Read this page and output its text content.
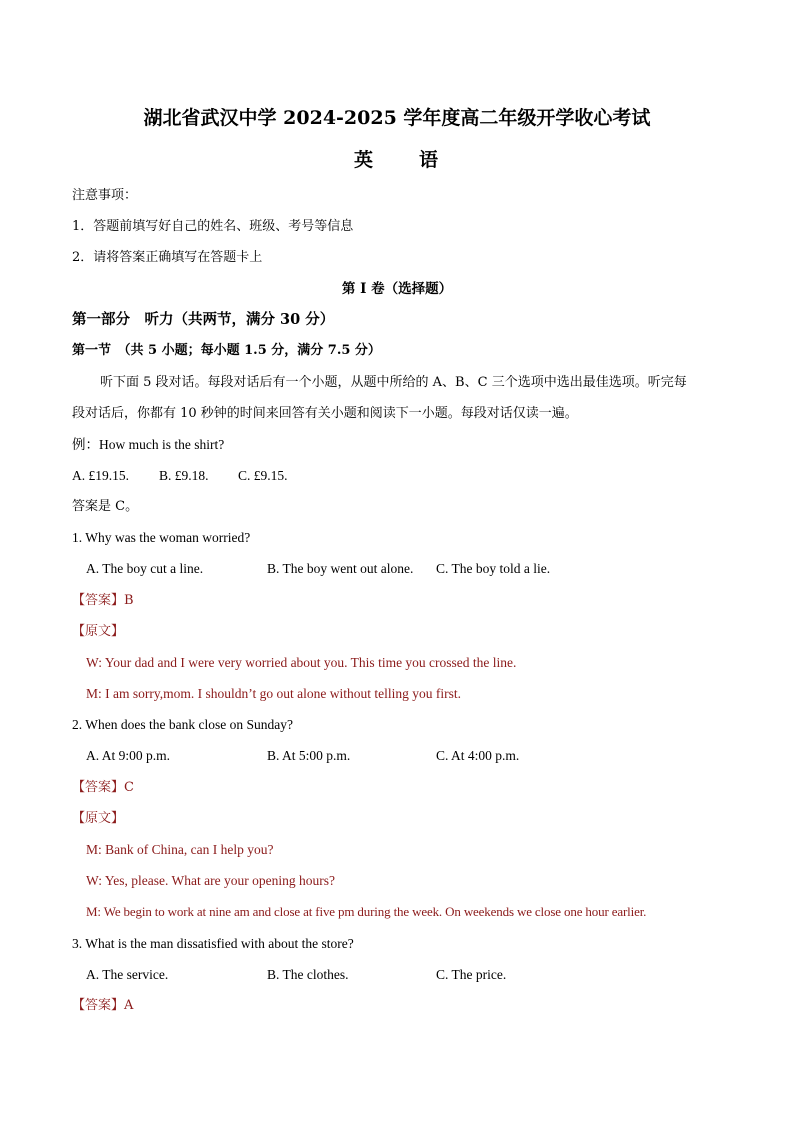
湖北省武汉中学 2024-2025 学年度高二年级开学收心考试
英 语
注意事项：
1．答题前填写好自己的姓名、班级、考号等信息
2．请将答案正确填写在答题卡上
第 I 卷（选择题）
第一部分　听力（共两节，满分 30 分）
第一节　（共 5 小题；每小题 1.5 分，满分 7.5 分）
听下面 5 段对话。每段对话后有一个小题，从题中所给的 A、B、C 三个选项中选出最佳选项。听完每
段对话后，你都有 10 秒钟的时间来回答有关小题和阅读下一小题。每段对话仅读一遍。
例：How much is the shirt?
A. £19.15. B. £9.18. C. £9.15.
答案是 C。
1. Why was the woman worried?
A. The boy cut a line.	B. The boy went out alone. C. The boy told a lie.
【答案】B
【原文】
W: Your dad and I were very worried about you. This time you crossed the line.
M: I am sorry,mom. I shouldn’t go out alone without telling you first.
2. When does the bank close on Sunday?
A. At 9:00 p.m.	B. At 5:00 p.m.	C. At 4:00 p.m.
【答案】C
【原文】
M: Bank of China, can I help you?
W: Yes, please. What are your opening hours?
M: We begin to work at nine am and close at five pm during the week. On weekends we close one hour earlier.
3. What is the man dissatisfied with about the store?
A. The service.	B. The clothes.	C. The price.
【答案】A
